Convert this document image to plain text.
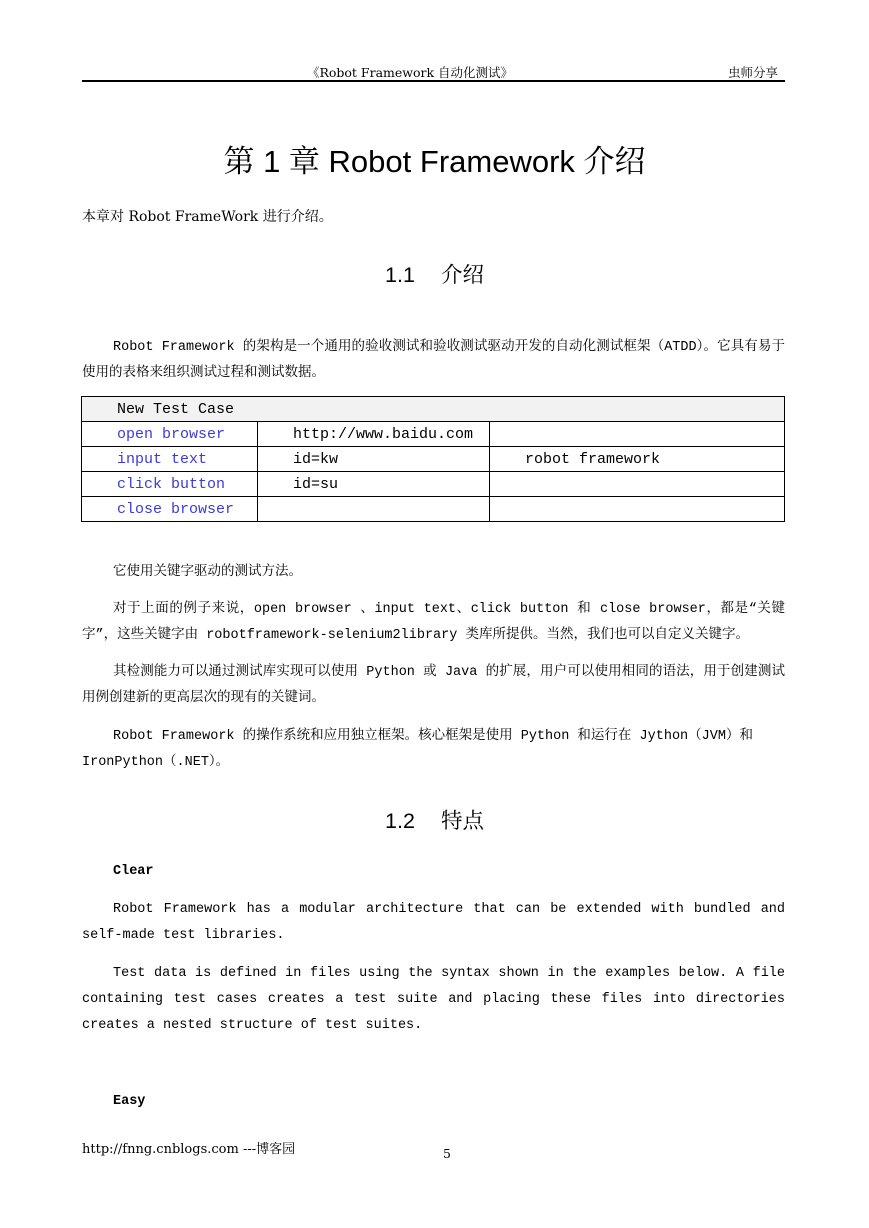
《Robot Framework 自动化测试》	虫师分享
第 1 章 Robot Framework 介绍
本章对 Robot FrameWork 进行介绍。
1.1 介绍
Robot Framework 的架构是一个通用的验收测试和验收测试驱动开发的自动化测试框架（ATDD）。它具有易于使用的表格来组织测试过程和测试数据。
New Test Case		
open browser	http://www.baidu.com	
input text	id=kw	robot framework
click button	id=su	
close browser		
它使用关键字驱动的测试方法。
对于上面的例子来说，open browser 、input text、click button 和 close browser，都是“关键字”，这些关键字由 robotframework-selenium2library 类库所提供。当然，我们也可以自定义关键字。
其检测能力可以通过测试库实现可以使用 Python 或 Java 的扩展，用户可以使用相同的语法，用于创建测试用例创建新的更高层次的现有的关键词。
Robot Framework 的操作系统和应用独立框架。核心框架是使用 Python 和运行在 Jython（JVM）和 IronPython（.NET）。
1.2 特点
Clear
Robot Framework has a modular architecture that can be extended with bundled and self-made test libraries.
Test data is defined in files using the syntax shown in the examples below. A file containing test cases creates a test suite and placing these files into directories creates a nested structure of test suites.
Easy
http://fnng.cnblogs.com ---博客园	5
